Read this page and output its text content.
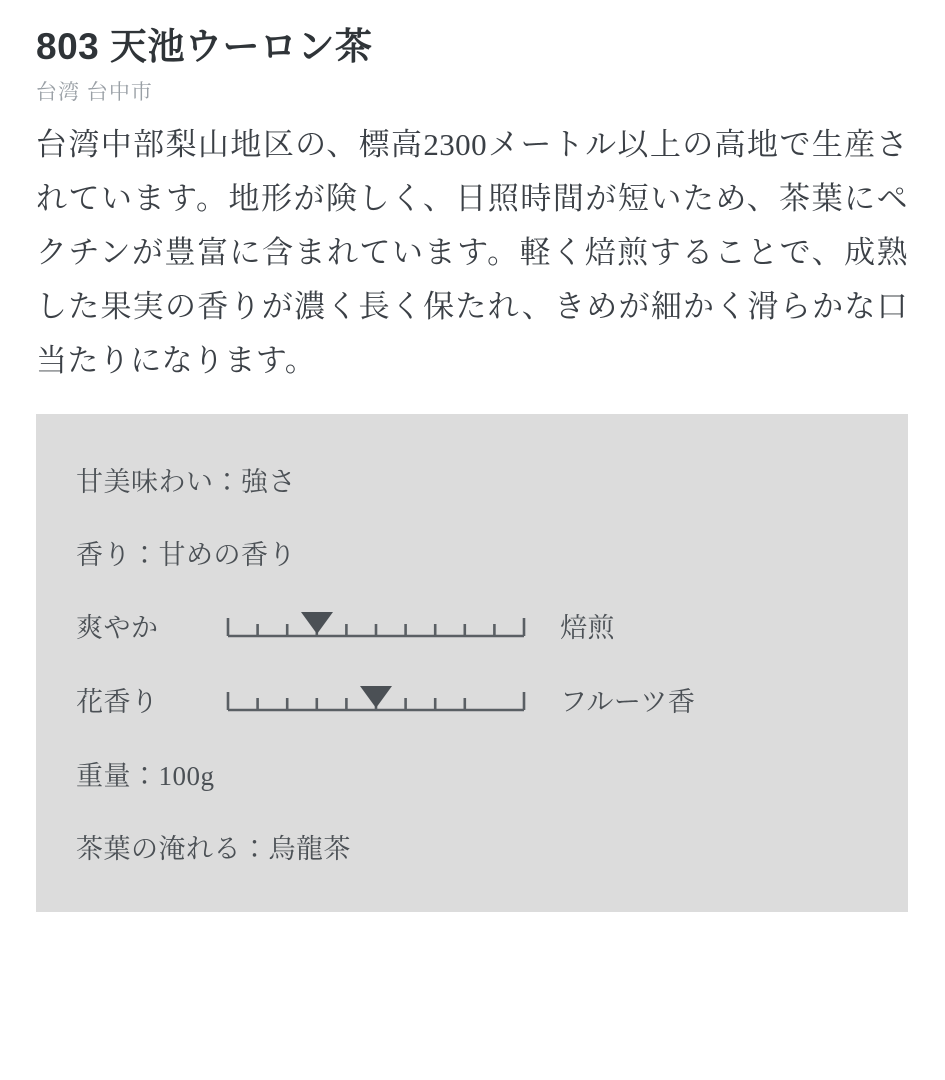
803 天池ウーロン茶
台湾 台中市

台湾中部梨山地区の、標高2300メートル以上の高地で生産されています。地形が険しく、日照時間が短いため、茶葉にペクチンが豊富に含まれています。軽く焙煎することで、成熟した果実の香りが濃く長く保たれ、きめが細かく滑らかな口当たりになります。

甘美味わい：強さ
香り：甘めの香り
爽やか	焙煎
花香り	フルーツ香
重量：100g
茶葉の淹れる：烏龍茶
